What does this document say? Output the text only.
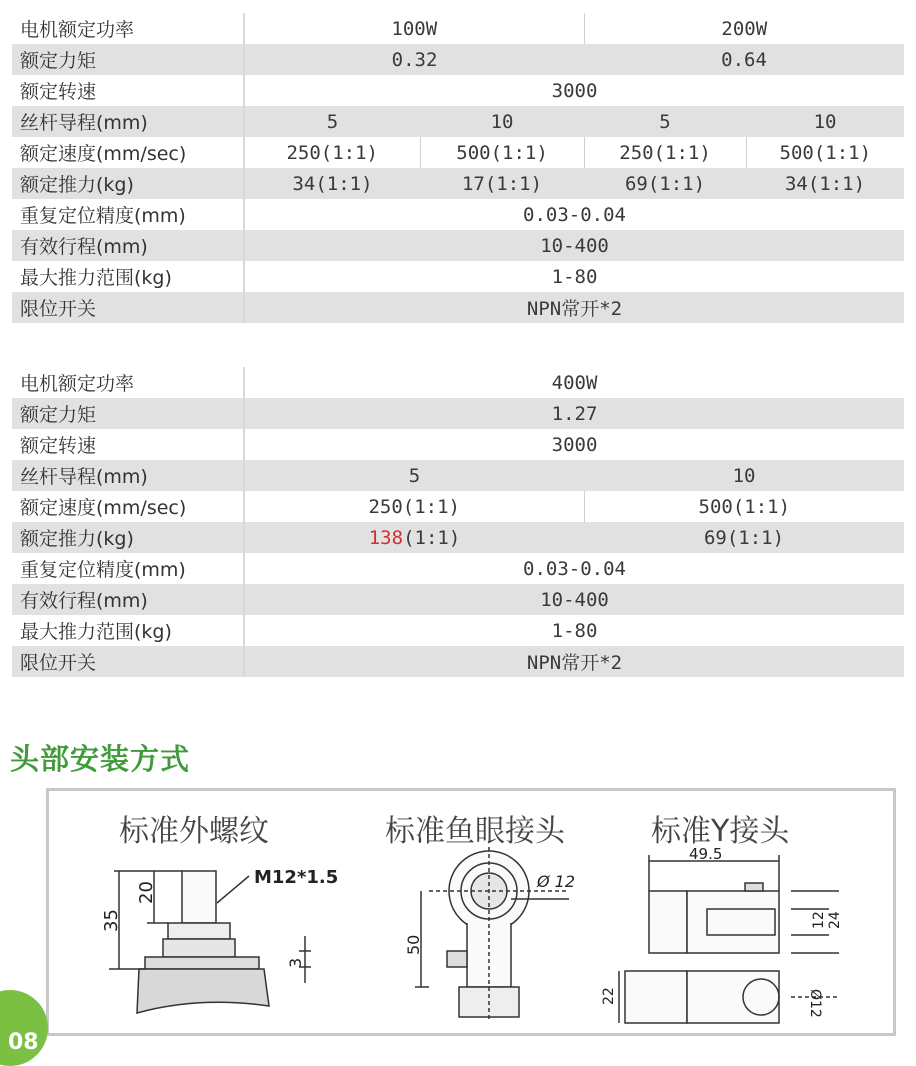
电机额定功率	100W		200W	
额定力矩	0.32		0.64	
额定转速	3000			
丝杆导程(mm)	5	10	5	10
额定速度(mm/sec)	250(1:1)	500(1:1)	250(1:1)	500(1:1)
额定推力(kg)	34(1:1)	17(1:1)	69(1:1)	34(1:1)
重复定位精度(mm)	0.03-0.04			
有效行程(mm)	10-400			
最大推力范围(kg)	1-80			
限位开关	NPN常开*2			
电机额定功率	400W	
额定力矩	1.27	
额定转速	3000	
丝杆导程(mm)	5	10
额定速度(mm/sec)	250(1:1)	500(1:1)
额定推力(kg)	138(1:1)	69(1:1)
重复定位精度(mm)	0.03-0.04	
有效行程(mm)	10-400	
最大推力范围(kg)	1-80	
限位开关	NPN常开*2	
头部安装方式
标准外螺纹	标准鱼眼接头	标准Y接头
35
20
3
M12*1.5
50
Ø 12
49.5
12 24
22	Ø12
08
